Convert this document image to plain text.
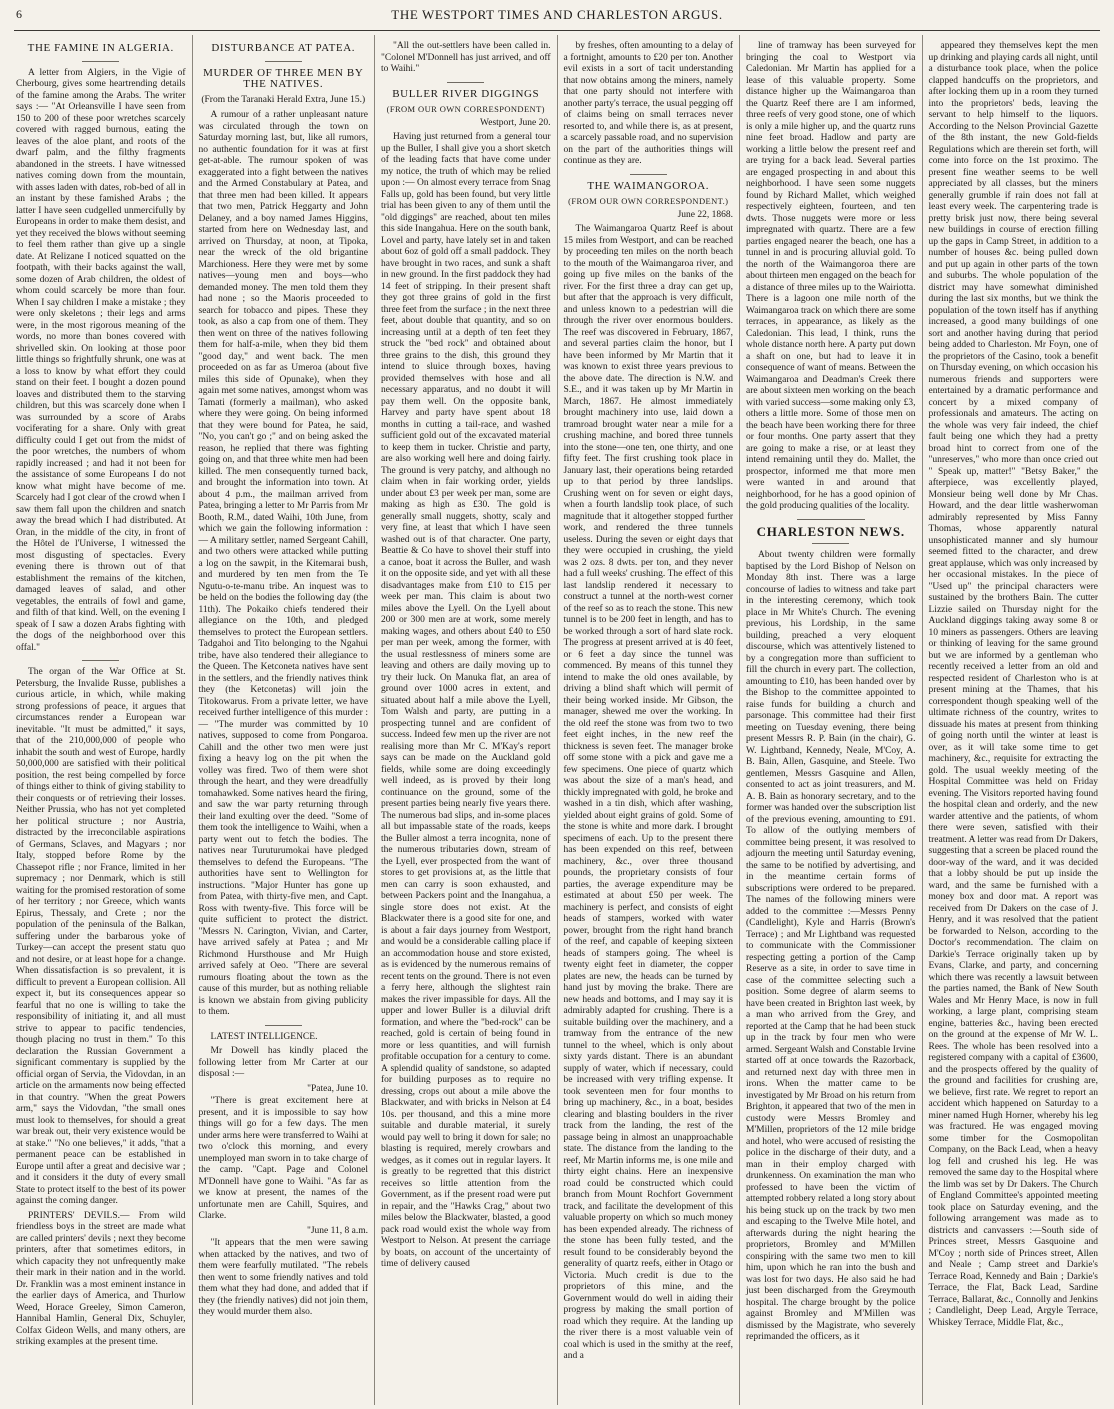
6	THE WESTPORT TIMES AND CHARLESTON ARGUS.
THE FAMINE IN ALGERIA.

A letter from Algiers, in the Vigie of Cherbourg, gives some heartrending details of the famine among the Arabs. The writer says :— "At Orleansville I have seen from 150 to 200 of these poor wretches scarcely covered with ragged burnous, eating the leaves of the aloe plant, and roots of the dwarf palm, and the filthy fragments abandoned in the streets. I have witnessed natives coming down from the mountain, with asses laden with dates, rob-bed of all in an instant by these famished Arabs ; the latter I have seen cudgelled unmercifully by Europeans in order to make them desist, and yet they received the blows without seeming to feel them rather than give up a single date. At Relizane I noticed squatted on the footpath, with their backs against the wall, some dozen of Arab children, the oldest of whom could scarcely be more than four. When I say children I make a mistake ; they were only skeletons ; their legs and arms were, in the most rigorous meaning of the words, no more than bones covered with shrivelled skin. On looking at those poor little things so frightfully shrunk, one was at a loss to know by what effort they could stand on their feet. I bought a dozen pound loaves and distributed them to the starving children, but this was scarcely done when I was surrounded by a score of Arabs vociferating for a share. Only with great difficulty could I get out from the midst of the poor wretches, the numbers of whom rapidly increased ; and had it not been for the assistance of some Europeans I do not know what might have become of me. Scarcely had I got clear of the crowd when I saw them fall upon the children and snatch away the bread which I had distributed. At Oran, in the middle of the city, in front of the Hôtel de l'Universe, I witnessed the most disgusting of spectacles. Every evening there is thrown out of that establishment the remains of the kitchen, damaged leaves of salad, and other vegetables, the entrails of fowl and game, and filth of that kind. Well, on the evening I speak of I saw a dozen Arabs fighting with the dogs of the neighborhood over this offal."

The organ of the War Office at St. Petersburg, the Invalide Russe, publishes a curious article, in which, while making strong professions of peace, it argues that circumstances render a European war inevitable. "It must be admitted," it says, that of the 210,000,000 of people who inhabit the south and west of Europe, hardly 50,000,000 are satisfied with their political position, the rest being compelled by force of things either to think of giving stability to their conquests or of retrieving their losses. Neither Prussia, who has not yet completed her political structure ; nor Austria, distracted by the irreconcilable aspirations of Germans, Sclaves, and Magyars ; nor Italy, stopped before Rome by the Chassepot rifle ; nor France, limited in her supremacy ; nor Denmark, which is still waiting for the promised restoration of some of her territory ; nor Greece, which wants Epirus, Thessaly, and Crete ; nor the population of the peninsula of the Balkan, suffering under the barbarous yoke of Turkey—can accept the present statu quo and not desire, or at least hope for a change. When dissatisfaction is so prevalent, it is difficult to prevent a European collision. All expect it, but its consequences appear so fearful that no one is willing to take the responsibility of initiating it, and all must strive to appear to pacific tendencies, though placing no trust in them." To this declaration the Russian Government a significant commentary is supplied by the official organ of Servia, the Vidovdan, in an article on the armaments now being effected in that country. "When the great Powers arm," says the Vidovdan, "the small ones must look to themselves, for should a great war break out, their very existence would be at stake." "No one believes," it adds, "that a permanent peace can be established in Europe until after a great and decisive war ; and it considers it the duty of every small State to protect itself to the best of its power against the coming danger.

PRINTERS' DEVILS.— From wild friendless boys in the street are made what are called printers' devils ; next they become printers, after that sometimes editors, in which capacity they not unfrequently make their mark in their nation and in the world. Dr. Franklin was a most eminent instance in the earlier days of America, and Thurlow Weed, Horace Greeley, Simon Cameron, Hannibal Hamlin, General Dix, Schuyler, Colfax Gideon Wells, and many others, are striking examples at the present time.

DISTURBANCE AT PATEA.
MURDER OF THREE MEN BY THE NATIVES.
(From the Taranaki Herald Extra, June 15.)

A rumour of a rather unpleasant nature was circulated through the town on Saturday morning last, but, like all rumors, no authentic foundation for it was at first get-at-able. The rumour spoken of was exaggerated into a fight between the natives and the Armed Constabulary at Patea, and that three men had been killed. It appears that two men, Patrick Heggarty and John Delaney, and a boy named James Higgins, started from here on Wednesday last, and arrived on Thursday, at noon, at Tipoka, near the wreck of the old brigantine Marchioness. Here they were met by some natives—young men and boys—who demanded money. The men told them they had none ; so the Maoris proceeded to search for tobacco and pipes. These they took, as also a cap from one of them. They then went on three of the natives following them for half-a-mile, when they bid them "good day," and went back. The men proceeded on as far as Umeroa (about five miles this side of Opunake), when they again met some natives, amongst whom was Tamati (formerly a mailman), who asked where they were going. On being informed that they were bound for Patea, he said, "No, you can't go ;" and on being asked the reason, he replied that there was fighting going on, and that three white men had been killed. The men consequently turned back, and brought the information into town. At about 4 p.m., the mailman arrived from Patea, bringing a letter to Mr Parris from Mr Booth, R.M., dated Waihi, 10th June, from which we gain the following information :— A military settler, named Sergeant Cahill, and two others were attacked while putting a log on the sawpit, in the Kitemarai bush, and murdered by ten men from the Te Ngutu-o-te-manu tribe. An inquest was to be held on the bodies the following day (the 11th). The Pokaiko chiefs tendered their allegiance on the 10th, and pledged themselves to protect the European settlers. Tadgahoi and Tito belonging to the Ngahui tribe, have also tendered their allegiance to the Queen. The Ketconeta natives have sent in the settlers, and the friendly natives think they (the Ketconetas) will join the Titokowarus. From a private letter, we have received further intelligence of this murder :— "The murder was committed by 10 natives, supposed to come from Pongaroa. Cahill and the other two men were just fixing a heavy log on the pit when the volley was fired. Two of them were shot through the heart, and they were dreadfully tomahawked. Some natives heard the firing, and saw the war party returning through their land exulting over the deed. "Some of them took the intelligence to Waihi, when a party went out to fetch the bodies. The natives near Turuturumokai have pledged themselves to defend the Europeans. "The authorities have sent to Wellington for instructions. "Major Hunter has gone up from Patea, with thirty-five men, and Capt. Ross with twenty-five. This force will be quite sufficient to protect the district. "Messrs N. Carington, Vivian, and Carter, have arrived safely at Patea ; and Mr Richmond Hursthouse and Mr Huigh arrived safely at Oeo. "There are several rumours floating about the town as the cause of this murder, but as nothing reliable is known we abstain from giving publicity to them.

LATEST INTELLIGENCE.

Mr Dowell has kindly placed the following letter from Mr Carter at our disposal :—

"Patea, June 10.

"There is great excitement here at present, and it is impossible to say how things will go for a few days. The men under arms here were transferred to Waihi at two o'clock this morning, and every unemployed man sworn in to take charge of the camp. "Capt. Page and Colonel M'Donnell have gone to Waihi. "As far as we know at present, the names of the unfortunate men are Cahill, Squires, and Clarke.

"June 11, 8 a.m.

"It appears that the men were sawing when attacked by the natives, and two of them were fearfully mutilated. "The rebels then went to some friendly natives and told them what they had done, and added that if they (the friendly natives) did not join them, they would murder them also.

"All the out-settlers have been called in. "Colonel M'Donnell has just arrived, and off to Waihi."

BULLER RIVER DIGGINGS
(FROM OUR OWN CORRESPONDENT)
Westport, June 20.

Having just returned from a general tour up the Buller, I shall give you a short sketch of the leading facts that have come under my notice, the truth of which may be relied upon :— On almost every terrace from Snag Falls up, gold has been found, but very little trial has been given to any of them until the "old diggings" are reached, about ten miles this side Inangahua. Here on the south bank, Lovel and party, have lately set in and taken about 6oz of gold off a small paddock. They have brought in two races, and sunk a shaft in new ground. In the first paddock they had 14 feet of stripping. In their present shaft they got three grains of gold in the first three feet from the surface ; in the next three feet, about double that quantity, and so on increasing until at a depth of ten feet they struck the "bed rock" and obtained about three grains to the dish, this ground they intend to sluice through boxes, having provided themselves with hose and all necessary apparatus, and no doubt it will pay them well. On the opposite bank, Harvey and party have spent about 18 months in cutting a tail-race, and washed sufficient gold out of the excavated material to keep them in tucker. Christie and party, are also working well here and doing fairly. The ground is very patchy, and although no claim when in fair working order, yields under about £3 per week per man, some are making as high as £30. The gold is generally small nuggets, shotty, scaly and very fine, at least that which I have seen washed out is of that character. One party, Beattie & Co have to shovel their stuff into a canoe, boat it across the Buller, and wash it on the opposite side, and yet with all these disadvantages make from £10 to £15 per week per man. This claim is about two miles above the Lyell. On the Lyell about 200 or 300 men are at work, some merely making wages, and others about £40 to £50 per man per week, among the former, with the usual restlessness of miners some are leaving and others are daily moving up to try their luck. On Manuka flat, an area of ground over 1000 acres in extent, and situated about half a mile above the Lyell, Tom Walsh and party, are putting in a prospecting tunnel and are confident of success. Indeed few men up the river are not realising more than Mr C. M'Kay's report says can be made on the Auckland gold fields, while some are doing exceedingly well indeed, as is proved by their long continuance on the ground, some of the present parties being nearly five years there. The numerous bad slips, and in-some places all but impassable state of the roads, keeps the Buller almost a terra incognita, none of the numerous tributaries down, stream of the Lyell, ever prospected from the want of stores to get provisions at, as the little that men can carry is soon exhausted, and between Packers point and the Inangahua, a single store does not exist. At the Blackwater there is a good site for one, and is about a fair days journey from Westport, and would be a considerable calling place if an accommodation house and store existed, as is evidenced by the numerous remains of recent tents on the ground. There is not even a ferry here, although the slightest rain makes the river impassible for days. All the upper and lower Buller is a diluvial drift formation, and where the "bed-rock" can be reached, gold is certain of being found in more or less quantities, and will furnish profitable occupation for a century to come. A splendid quality of sandstone, so adapted for building purposes as to require no dressing, crops out about a mile above the Blackwater, and with bricks in Nelson at £4 10s. per thousand, and this a mine more suitable and durable material, it surely would pay well to bring it down for sale; no blasting is required, merely crowbars and wedges, as it comes out in regular layers. It is greatly to be regretted that this district receives so little attention from the Government, as if the present road were put in repair, and the "Hawks Crag," about two miles below the Blackwater, blasted, a good pack road would exist the whole way from Westport to Nelson. At present the carriage by boats, on account of the uncertainty of time of delivery caused

by freshes, often amounting to a delay of a fortnight, amounts to £20 per ton. Another evil exists in a sort of tacit understanding that now obtains among the miners, namely that one party should not interfere with another party's terrace, the usual pegging off of claims being on small terraces never resorted to, and while there is, as at present, a scarcely passable road, and no supervision on the part of the authorities things will continue as they are.

THE WAIMANGOROA.
(FROM OUR OWN CORRESPONDENT.)
June 22, 1868.

The Waimangaroa Quartz Reef is about 15 miles from Westport, and can be reached by proceeding ten miles on the north beach to the mouth of the Waimangaroa river, and going up five miles on the banks of the river. For the first three a dray can get up, but after that the approach is very difficult, and unless known to a pedestrian will die through the river over enormous boulders. The reef was discovered in February, 1867, and several parties claim the honor, but I have been informed by Mr Martin that it was known to exist three years previous to the above date. The direction is N.W. and S.E., and it was taken up by Mr Martin in March, 1867. He almost immediately brought machinery into use, laid down a tramroad brought water near a mile for a crushing machine, and bored three tunnels into the stone—one ten, one thirty, and one fifty feet. The first crushing took place in January last, their operations being retarded up to that period by three landslips. Crushing went on for seven or eight days, when a fourth landslip took place, of such magnitude that it altogether stopped further work, and rendered the three tunnels useless. During the seven or eight days that they were occupied in crushing, the yield was 2 ozs. 8 dwts. per ton, and they never had a full weeks' crushing. The effect of this last landslip rendered it necessary to construct a tunnel at the north-west corner of the reef so as to reach the stone. This new tunnel is to be 200 feet in length, and has to be worked through a sort of hard slate rock. The progress at present arrived at is 40 feet, or 6 feet a day since the tunnel was commenced. By means of this tunnel they intend to make the old ones available, by driving a blind shaft which will permit of their being worked inside. Mr Gibson, the manager, shewed me over the working. In the old reef the stone was from two to two feet eight inches, in the new reef the thickness is seven feet. The manager broke off some stone with a pick and gave me a few specimens. One piece of quartz which was about the size of a man's head, and thickly impregnated with gold, he broke and washed in a tin dish, which after washing, yielded about eight grains of gold. Some of the stone is white and more dark. I brought specimens of each. Up to the present there has been expended on this reef, between machinery, &c., over three thousand pounds, the proprietary consists of four parties, the average expenditure may be estimated at about £50 per week. The machinery is perfect, and consists of eight heads of stampers, worked with water power, brought from the right hand branch of the reef, and capable of keeping sixteen heads of stampers going. The wheel is twenty eight feet in diameter, the copper plates are new, the heads can be turned by hand just by moving the brake. There are new heads and bottoms, and I may say it is admirably adapted for crushing. There is a suitable building over the machinery, and a tramway from the entrance of the new tunnel to the wheel, which is only about sixty yards distant. There is an abundant supply of water, which if necessary, could be increased with very trifling expense. It took seventeen men for four months to bring up machinery, &c., in a boat, besides clearing and blasting boulders in the river track from the landing, the rest of the passage being in almost an unapproachable state. The distance from the landing to the reef, Mr Martin informs me, is one mile and thirty eight chains. Here an inexpensive road could be constructed which could branch from Mount Rochfort Government track, and facilitate the development of this valuable property on which so much money has been expended already. The richness of the stone has been fully tested, and the result found to be considerably beyond the generality of quartz reefs, either in Otago or Victoria. Much credit is due to the proprietors of this mine, and the Government would do well in aiding their progress by making the small portion of road which they require. At the landing up the river there is a most valuable vein of coal which is used in the smithy at the reef, and a

line of tramway has been surveyed for bringing the coal to Westport via Caledonian. Mr Martin has applied for a lease of this valuable property. Some distance higher up the Waimangaroa than the Quartz Reef there are I am informed, three reefs of very good stone, one of which is only a mile higher up, and the quartz runs nine feet broad. Hadlow and party are working a little below the present reef and are trying for a back lead. Several parties are engaged prospecting in and about this neighborhood. I have seen some nuggets found by Richard Mallet, which weighed respectively eighteen, fourteen, and ten dwts. Those nuggets were more or less impregnated with quartz. There are a few parties engaged nearer the beach, one has a tunnel in and is procuring alluvial gold. To the north of the Waimangoroa there are about thirteen men engaged on the beach for a distance of three miles up to the Wairiotta. There is a lagoon one mile north of the Waimangaroa track on which there are some terraces, in appearance, as likely as the Caledonian. This lead, I think, runs the whole distance north here. A party put down a shaft on one, but had to leave it in consequence of want of means. Between the Waimangaroa and Deadman's Creek there are about sixteen men working on the beach with varied success—some making only £3, others a little more. Some of those men on the beach have been working there for three or four months. One party assert that they are going to make a rise, or at least they intend remaining until they do. Mallet, the prospector, informed me that more men were wanted in and around that neighborhood, for he has a good opinion of the gold producing qualities of the locality.

CHARLESTON NEWS.

About twenty children were formally baptised by the Lord Bishop of Nelson on Monday 8th inst. There was a large concourse of ladies to witness and take part in the interesting ceremony, which took place in Mr White's Church. The evening previous, his Lordship, in the same building, preached a very eloquent discourse, which was attentively listened to by a congregation more than sufficient to fill the church in every part. The collection, amounting to £10, has been handed over by the Bishop to the committee appointed to raise funds for building a church and parsonage. This committee had their first meeting on Tuesday evening, there being present Messrs R. P. Bain (in the chair), G. W. Lightband, Kennedy, Neale, M'Coy, A. B. Bain, Allen, Gasquine, and Steele. Two gentlemen, Messrs Gasquine and Allen, consented to act as joint treasurers, and M. A. B. Bain as honorary secretary, and to the former was handed over the subscription list of the previous evening, amounting to £91. To allow of the outlying members of committee being present, it was resolved to adjourn the meeting until Saturday evening, the same to be notified by advertising, and in the meantime certain forms of subscriptions were ordered to be prepared. The names of the following miners were added to the committee :—Messrs Penny (Candlelight), Kyle and Harris (Brown's Terrace) ; and Mr Lightband was requested to communicate with the Commissioner respecting getting a portion of the Camp Reserve as a site, in order to save time in case of the committee selecting such a position. Some degree of alarm seems to have been created in Brighton last week, by a man who arrived from the Grey, and reported at the Camp that he had been stuck up in the track by four men who were armed. Sergeant Walsh and Constable Irvine started off at once towards the Razorback, and returned next day with three men in irons. When the matter came to be investigated by Mr Broad on his return from Brighton, it appeared that two of the men in custody were Messrs Bromley and M'Millen, proprietors of the 12 mile bridge and hotel, who were accused of resisting the police in the discharge of their duty, and a man in their employ charged with drunkenness. On examination the man who professed to have been the victim of attempted robbery related a long story about his being stuck up on the track by two men and escaping to the Twelve Mile hotel, and afterwards during the night hearing the proprietors, Bromley and M'Millen conspiring with the same two men to kill him, upon which he ran into the bush and was lost for two days. He also said he had just been discharged from the Greymouth hospital. The charge brought by the police against Bromley and M'Millen was dismissed by the Magistrate, who severely reprimanded the officers, as it

appeared they themselves kept the men up drinking and playing cards all night, until a disturbance took place, when the police clapped handcuffs on the proprietors, and after locking them up in a room they turned into the proprietors' beds, leaving the servant to help himself to the liquors. According to the Nelson Provincial Gazette of the 8th instant, the new Gold-fields Regulations which are therein set forth, will come into force on the 1st proximo. The present fine weather seems to be well appreciated by all classes, but the miners generally grumble if rain does not fall at least every week. The carpentering trade is pretty brisk just now, there being several new buildings in course of erection filling up the gaps in Camp Street, in addition to a number of houses &c. being pulled down and put up again in other parts of the town and suburbs. The whole population of the district may have somewhat diminished during the last six months, but we think the population of the town itself has if anything increased, a good many buildings of one sort and another having during that period being added to Charleston. Mr Foyn, one of the proprietors of the Casino, took a benefit on Thursday evening, on which occasion his numerous friends and supporters were entertained by a dramatic performance and concert by a mixed company of professionals and amateurs. The acting on the whole was very fair indeed, the chief fault being one which they had a pretty broad hint to correct from one of the "unreserves," who more than once cried out " Speak up, matter!" "Betsy Baker," the afterpiece, was excellently played, Monsieur being well done by Mr Chas. Howard, and the dear little washerwoman admirably represented by Miss Fanny Thomas, whose apparently natural unsophisticated manner and sly humour seemed fitted to the character, and drew great applause, which was only increased by her occasional mistakes. In the piece of "Used up" the principal characters were sustained by the brothers Bain. The cutter Lizzie sailed on Thursday night for the Auckland diggings taking away some 8 or 10 miners as passengers. Others are leaving or thinking of leaving for the same ground but we are informed by a gentleman who recently received a letter from an old and respected resident of Charleston who is at present mining at the Thames, that his correspondent though speaking well of the ultimate richness of the country, writes to dissuade his mates at present from thinking of going north until the winter at least is over, as it will take some time to get machinery, &c., requisite for extracting the gold. The usual weekly meeting of the Hospital Committee was held on Friday evening. The Visitors reported having found the hospital clean and orderly, and the new warder attentive and the patients, of whom there were seven, satisfied with their treatment. A letter was read from Dr Dakers, suggesting that a screen be placed round the door-way of the ward, and it was decided that a lobby should be put up inside the ward, and the same be furnished with a money box and door mat. A report was received from Dr Dakers on the case of J. Henry, and it was resolved that the patient be forwarded to Nelson, according to the Doctor's recommendation. The claim on Darkie's Terrace originally taken up by Evans, Clarke, and party, and concerning which there was recently a lawsuit between the parties named, the Bank of New South Wales and Mr Henry Mace, is now in full working, a large plant, comprising steam engine, batteries &c., having been erected on the ground at the expense of Mr W. L. Rees. The whole has been resolved into a registered company with a capital of £3600, and the prospects offered by the quality of the ground and facilities for crushing are, we believe, first rate. We regret to report an accident which happened on Saturday to a miner named Hugh Horner, whereby his leg was fractured. He was engaged moving some timber for the Cosmopolitan Company, on the Back Lead, when a heavy log fell and crushed his leg. He was removed the same day to the Hospital where the limb was set by Dr Dakers. The Church of England Committee's appointed meeting took place on Saturday evening, and the following arrangement was made as to districts and canvassers :—South side of Princes street, Messrs Gasquoine and M'Coy ; north side of Princes street, Allen and Neale ; Camp street and Darkie's Terrace Road, Kennedy and Bain ; Darkie's Terrace, the Flat, Back Lead, Sardine Terrace, Ballarat, &c., Connolly and Jenkins ; Candlelight, Deep Lead, Argyle Terrace, Whiskey Terrace, Middle Flat, &c.,
